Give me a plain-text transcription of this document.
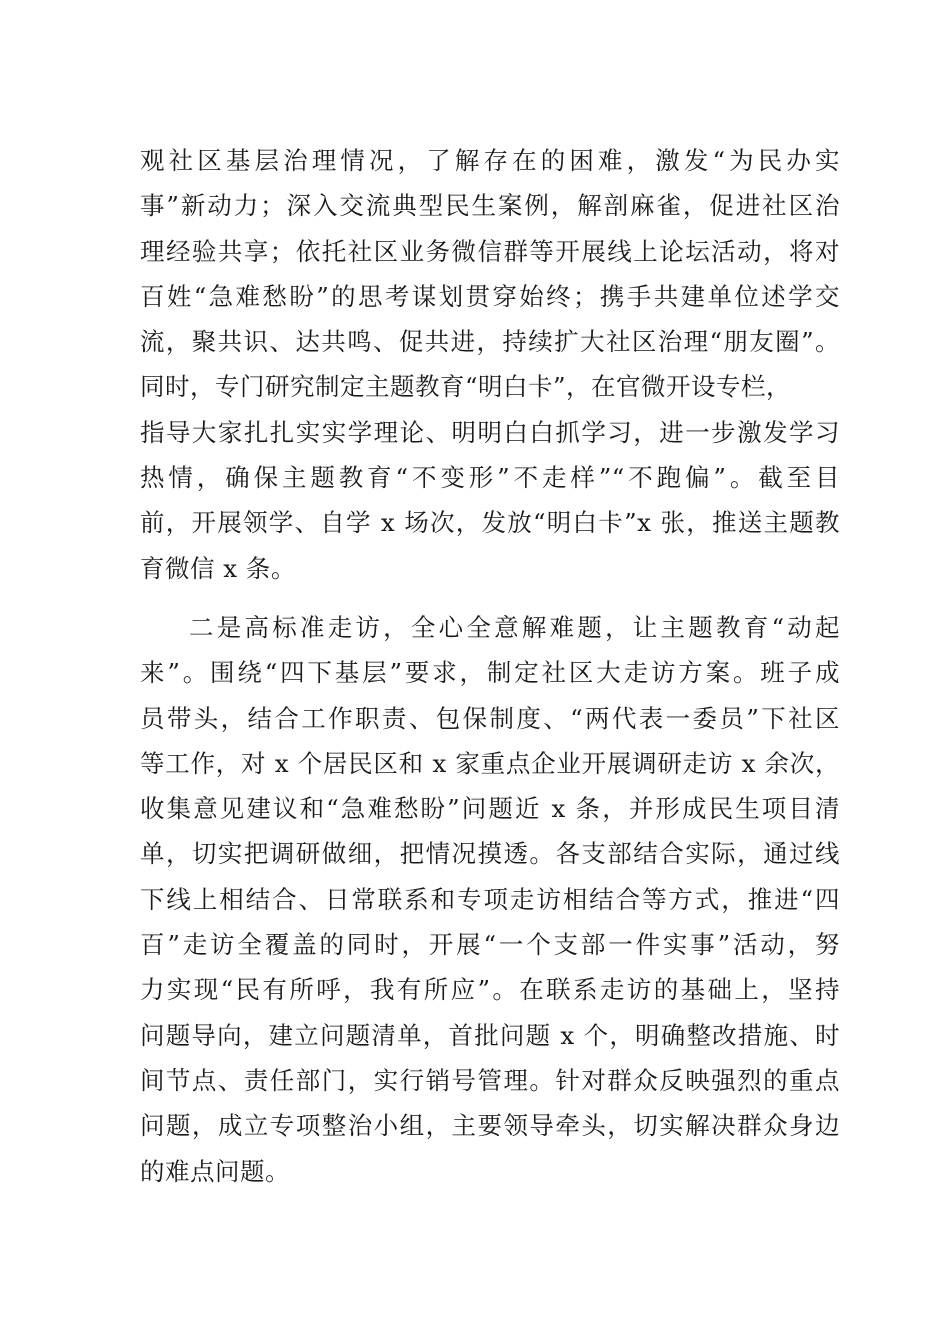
观社区基层治理情况，了解存在的困难，激发“为民办实
事”新动力；深入交流典型民生案例，解剖麻雀，促进社区治
理经验共享；依托社区业务微信群等开展线上论坛活动，将对
百姓“急难愁盼”的思考谋划贯穿始终；携手共建单位述学交
流，聚共识、达共鸣、促共进，持续扩大社区治理“朋友圈”。
同时，专门研究制定主题教育“明白卡”，在官微开设专栏，
指导大家扎扎实实学理论、明明白白抓学习，进一步激发学习
热情，确保主题教育“不变形”不走样”“不跑偏”。截至目
前，开展领学、自学 x 场次，发放“明白卡”x 张，推送主题教
育微信 x 条。
二是高标准走访，全心全意解难题，让主题教育“动起
来”。围绕“四下基层”要求，制定社区大走访方案。班子成
员带头，结合工作职责、包保制度、“两代表一委员”下社区
等工作，对 x 个居民区和 x 家重点企业开展调研走访 x 余次，
收集意见建议和“急难愁盼”问题近 x 条，并形成民生项目清
单，切实把调研做细，把情况摸透。各支部结合实际，通过线
下线上相结合、日常联系和专项走访相结合等方式，推进“四
百”走访全覆盖的同时，开展“一个支部一件实事”活动，努
力实现“民有所呼，我有所应”。在联系走访的基础上，坚持
问题导向，建立问题清单，首批问题 x 个，明确整改措施、时
间节点、责任部门，实行销号管理。针对群众反映强烈的重点
问题，成立专项整治小组，主要领导牵头，切实解决群众身边
的难点问题。
